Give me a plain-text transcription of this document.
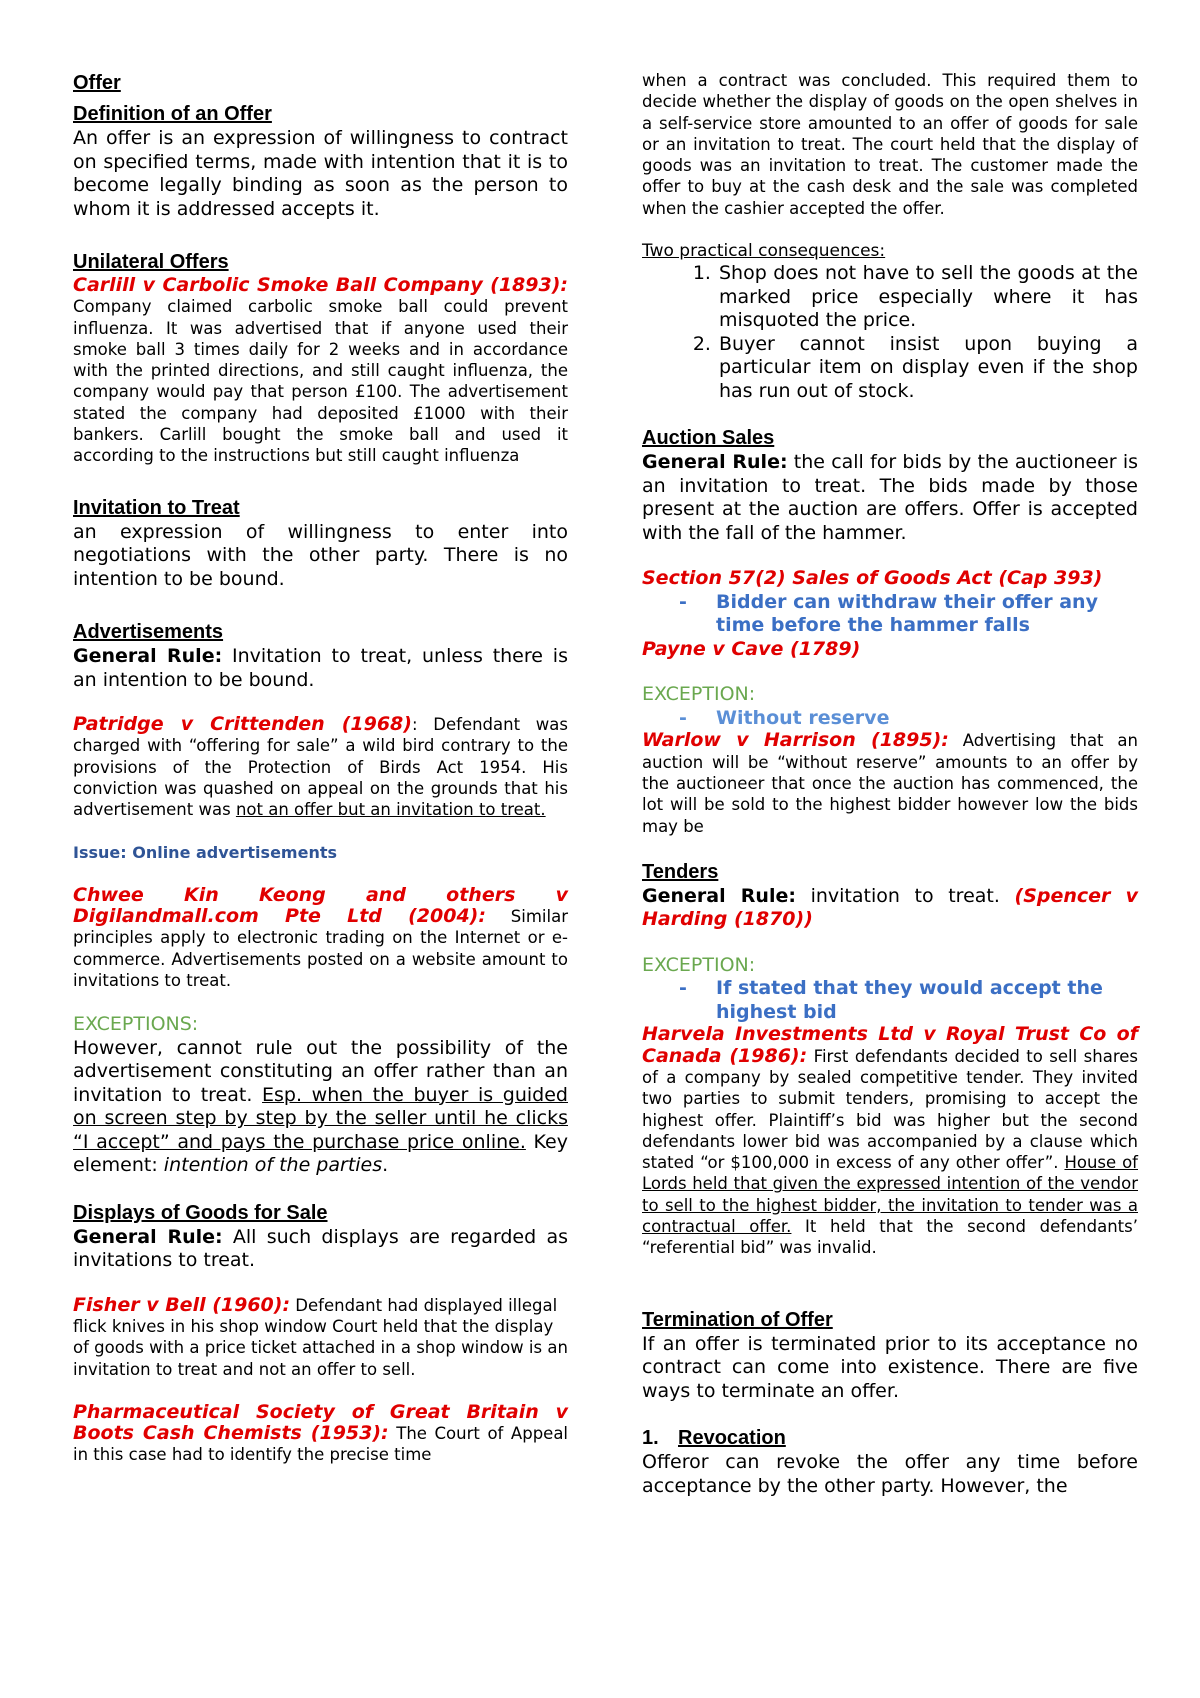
Offer

Definition of an Offer

An offer is an expression of willingness to contract on specified terms, made with intention that it is to become legally binding as soon as the person to whom it is addressed accepts it.

Unilateral Offers

Carlill v Carbolic Smoke Ball Company (1893): Company claimed carbolic smoke ball could prevent influenza. It was advertised that if anyone used their smoke ball 3 times daily for 2 weeks and in accordance with the printed directions, and still caught influenza, the company would pay that person £100. The advertisement stated the company had deposited £1000 with their bankers. Carlill bought the smoke ball and used it according to the instructions but still caught influenza

Invitation to Treat

an expression of willingness to enter into negotiations with the other party. There is no intention to be bound.

Advertisements

General Rule: Invitation to treat, unless there is an intention to be bound.

Patridge v Crittenden (1968): Defendant was charged with “offering for sale” a wild bird contrary to the provisions of the Protection of Birds Act 1954. His conviction was quashed on appeal on the grounds that his advertisement was not an offer but an invitation to treat.

Issue: Online advertisements

Chwee Kin Keong and others v Digilandmall.com Pte Ltd (2004): Similar principles apply to electronic trading on the Internet or e-commerce. Advertisements posted on a website amount to invitations to treat.

EXCEPTIONS:

However, cannot rule out the possibility of the advertisement constituting an offer rather than an invitation to treat. Esp. when the buyer is guided on screen step by step by the seller until he clicks “I accept” and pays the purchase price online. Key element: intention of the parties.

Displays of Goods for Sale

General Rule: All such displays are regarded as invitations to treat.

Fisher v Bell (1960): Defendant had displayed illegal flick knives in his shop window Court held that the display of goods with a price ticket attached in a shop window is an invitation to treat and not an offer to sell.

Pharmaceutical Society of Great Britain v Boots Cash Chemists (1953): The Court of Appeal in this case had to identify the precise time

when a contract was concluded. This required them to decide whether the display of goods on the open shelves in a self-service store amounted to an offer of goods for sale or an invitation to treat. The court held that the display of goods was an invitation to treat. The customer made the offer to buy at the cash desk and the sale was completed when the cashier accepted the offer.

Two practical consequences:

1. Shop does not have to sell the goods at the marked price especially where it has misquoted the price.
2. Buyer cannot insist upon buying a particular item on display even if the shop has run out of stock.

Auction Sales

General Rule: the call for bids by the auctioneer is an invitation to treat. The bids made by those present at the auction are offers. Offer is accepted with the fall of the hammer.

Section 57(2) Sales of Goods Act (Cap 393)

- Bidder can withdraw their offer any time before the hammer falls

Payne v Cave (1789)

EXCEPTION:

- Without reserve

Warlow v Harrison (1895): Advertising that an auction will be “without reserve” amounts to an offer by the auctioneer that once the auction has commenced, the lot will be sold to the highest bidder however low the bids may be

Tenders

General Rule: invitation to treat. (Spencer v Harding (1870))

EXCEPTION:

- If stated that they would accept the highest bid

Harvela Investments Ltd v Royal Trust Co of Canada (1986): First defendants decided to sell shares of a company by sealed competitive tender. They invited two parties to submit tenders, promising to accept the highest offer. Plaintiff’s bid was higher but the second defendants lower bid was accompanied by a clause which stated “or $100,000 in excess of any other offer”. House of Lords held that given the expressed intention of the vendor to sell to the highest bidder, the invitation to tender was a contractual offer. It held that the second defendants’ “referential bid” was invalid.

Termination of Offer

If an offer is terminated prior to its acceptance no contract can come into existence. There are five ways to terminate an offer.

1. Revocation

Offeror can revoke the offer any time before acceptance by the other party. However, the
